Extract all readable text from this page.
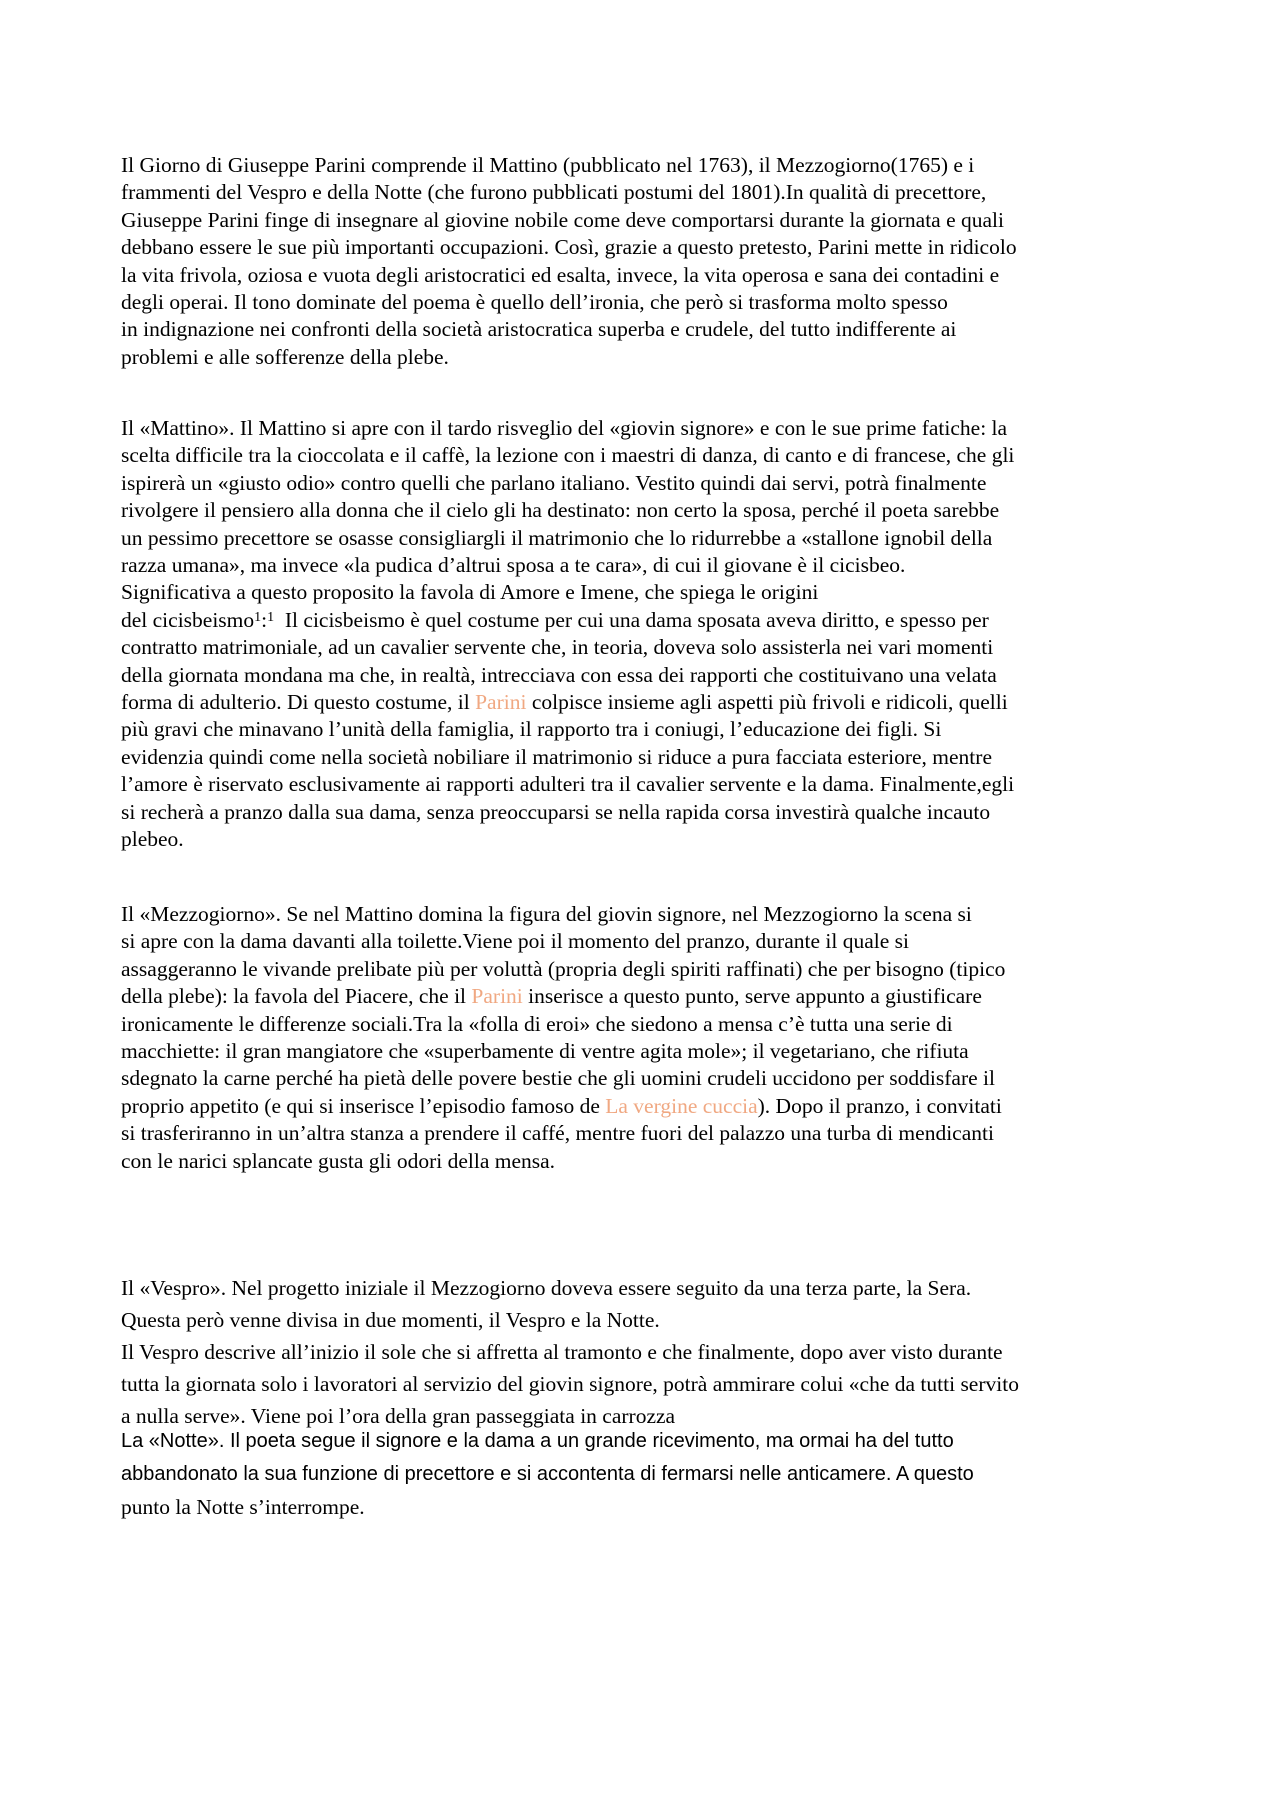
Il Giorno di Giuseppe Parini comprende il Mattino (pubblicato nel 1763), il Mezzogiorno(1765) e i
frammenti del Vespro e della Notte (che furono pubblicati postumi del 1801).In qualità di precettore,
Giuseppe Parini finge di insegnare al giovine nobile come deve comportarsi durante la giornata e quali
debbano essere le sue più importanti occupazioni. Così, grazie a questo pretesto, Parini mette in ridicolo
la vita frivola, oziosa e vuota degli aristocratici ed esalta, invece, la vita operosa e sana dei contadini e
degli operai. Il tono dominate del poema è quello dell’ironia, che però si trasforma molto spesso
in indignazione nei confronti della società aristocratica superba e crudele, del tutto indifferente ai
problemi e alle sofferenze della plebe.

Il «Mattino». Il Mattino si apre con il tardo risveglio del «giovin signore» e con le sue prime fatiche: la
scelta difficile tra la cioccolata e il caffè, la lezione con i maestri di danza, di canto e di francese, che gli
ispirerà un «giusto odio» contro quelli che parlano italiano. Vestito quindi dai servi, potrà finalmente
rivolgere il pensiero alla donna che il cielo gli ha destinato: non certo la sposa, perché il poeta sarebbe
un pessimo precettore se osasse consigliargli il matrimonio che lo ridurrebbe a «stallone ignobil della
razza umana», ma invece «la pudica d’altrui sposa a te cara», di cui il giovane è il cicisbeo.
Significativa a questo proposito la favola di Amore e Imene, che spiega le origini
del cicisbeismo$^1$:$^1$  Il cicisbeismo è quel costume per cui una dama sposata aveva diritto, e spesso per
contratto matrimoniale, ad un cavalier servente che, in teoria, doveva solo assisterla nei vari momenti
della giornata mondana ma che, in realtà, intrecciava con essa dei rapporti che costituivano una velata
forma di adulterio. Di questo costume, il Parini colpisce insieme agli aspetti più frivoli e ridicoli, quelli
più gravi che minavano l’unità della famiglia, il rapporto tra i coniugi, l’educazione dei figli. Si
evidenzia quindi come nella società nobiliare il matrimonio si riduce a pura facciata esteriore, mentre
l’amore è riservato esclusivamente ai rapporti adulteri tra il cavalier servente e la dama. Finalmente,egli
si recherà a pranzo dalla sua dama, senza preoccuparsi se nella rapida corsa investirà qualche incauto
plebeo.

Il «Mezzogiorno». Se nel Mattino domina la figura del giovin signore, nel Mezzogiorno la scena si
si apre con la dama davanti alla toilette.Viene poi il momento del pranzo, durante il quale si
assaggeranno le vivande prelibate più per voluttà (propria degli spiriti raffinati) che per bisogno (tipico
della plebe): la favola del Piacere, che il Parini inserisce a questo punto, serve appunto a giustificare
ironicamente le differenze sociali.Tra la «folla di eroi» che siedono a mensa c’è tutta una serie di
macchiette: il gran mangiatore che «superbamente di ventre agita mole»; il vegetariano, che rifiuta
sdegnato la carne perché ha pietà delle povere bestie che gli uomini crudeli uccidono per soddisfare il
proprio appetito (e qui si inserisce l’episodio famoso de La vergine cuccia). Dopo il pranzo, i convitati
si trasferiranno in un’altra stanza a prendere il caffé, mentre fuori del palazzo una turba di mendicanti
con le narici splancate gusta gli odori della mensa.

Il «Vespro». Nel progetto iniziale il Mezzogiorno doveva essere seguito da una terza parte, la Sera.
Questa però venne divisa in due momenti, il Vespro e la Notte.
Il Vespro descrive all’inizio il sole che si affretta al tramonto e che finalmente, dopo aver visto durante
tutta la giornata solo i lavoratori al servizio del giovin signore, potrà ammirare colui «che da tutti servito
a nulla serve». Viene poi l’ora della gran passeggiata in carrozza

La «Notte». Il poeta segue il signore e la dama a un grande ricevimento, ma ormai ha del tutto
abbandonato la sua funzione di precettore e si accontenta di fermarsi nelle anticamere. A questo
punto la Notte s’interrompe.
